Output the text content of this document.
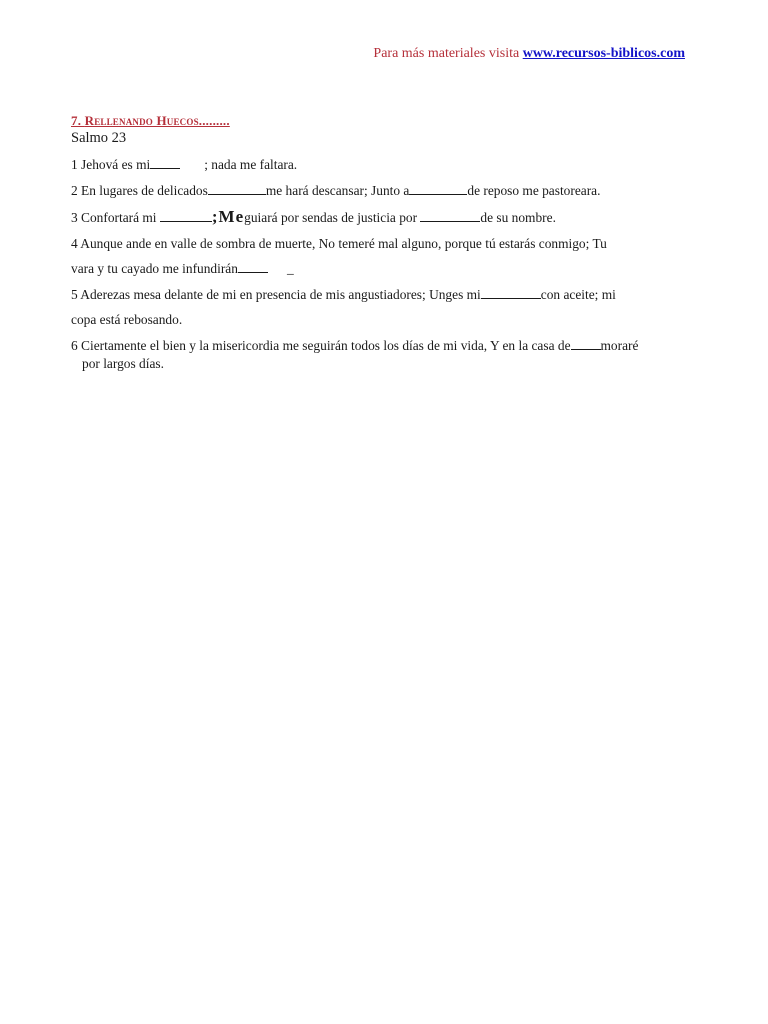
Para más materiales visita www.recursos-biblicos.com
7. Rellenando Huecos.........
Salmo 23
1 Jehová es mi	; nada me faltara.
2 En lugares de delicados	me hará descansar; Junto a	de reposo me pastoreara.
3 Confortará mi	;Meguiará por sendas de justicia por	de su nombre.
4 Aunque ande en valle de sombra de muerte, No temeré mal alguno, porque tú estarás conmigo; Tu
vara y tu cayado me infundirán	_
5 Aderezas mesa delante de mi en presencia de mis angustiadores; Unges mi	con aceite; mi
copa está rebosando.
6 Ciertamente el bien y la misericordia me seguirán todos los días de mi vida, Y en la casa de moraré
por largos días.
